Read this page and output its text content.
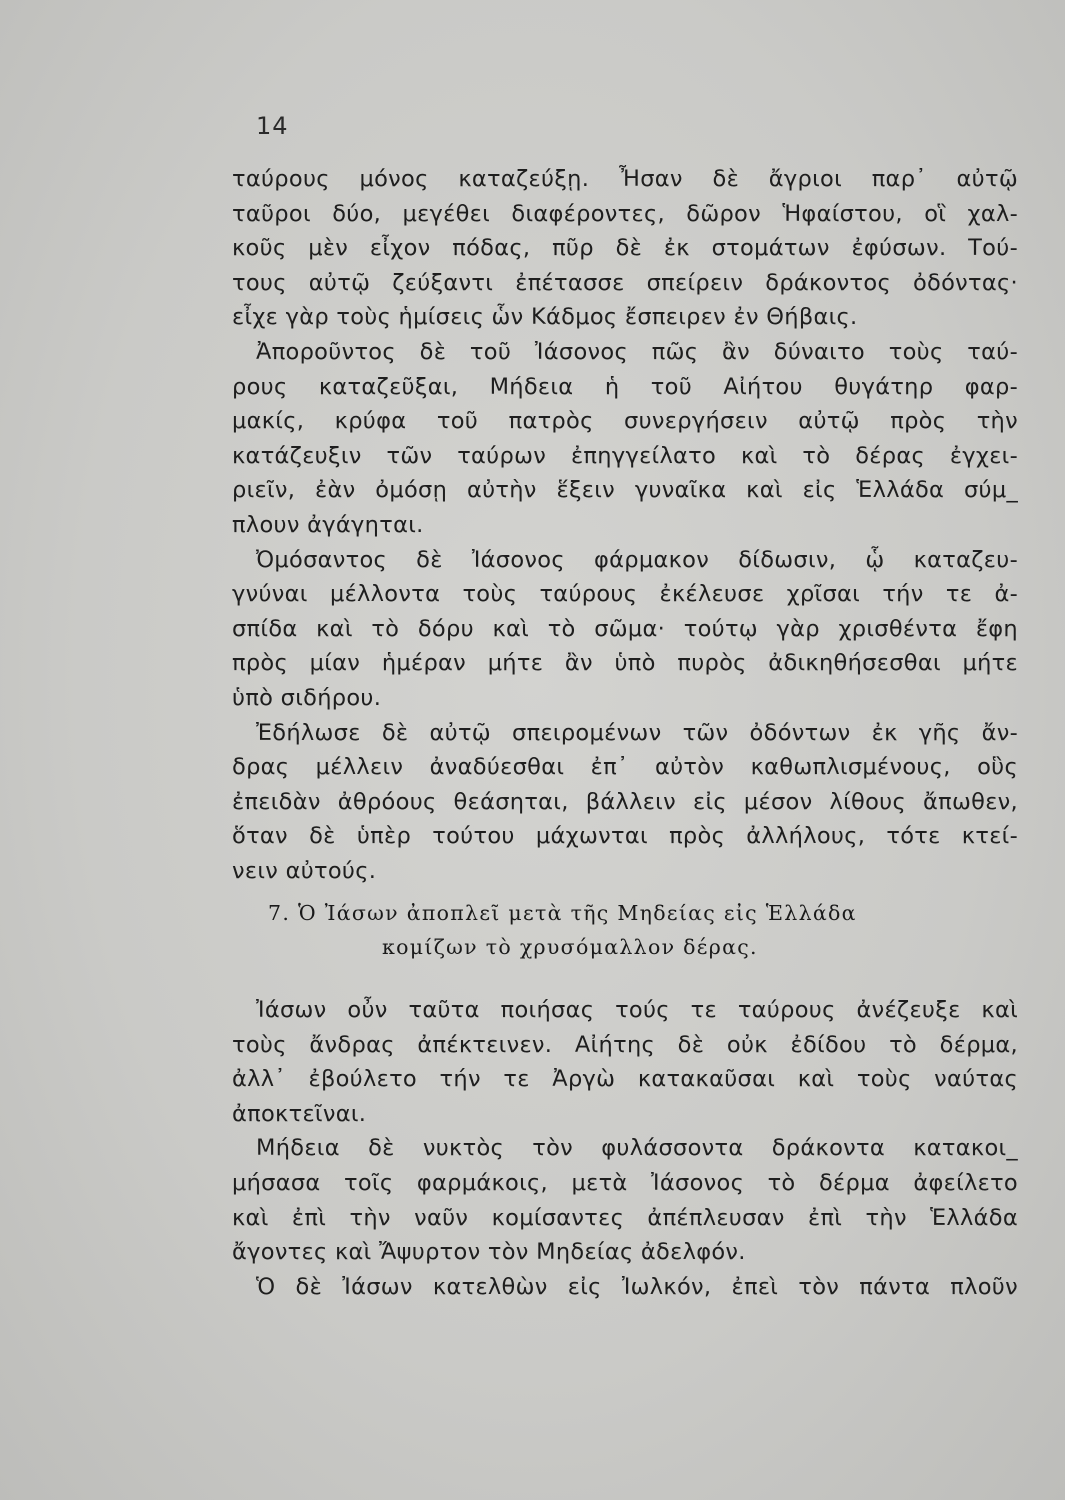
14
ταύρους μόνος καταζεύξῃ. Ἦσαν δὲ ἄγριοι παρ᾿ αὐτῷ
ταῦροι δύο, μεγέθει διαφέροντες, δῶρον Ἡφαίστου, οἳ χαλ-
κοῦς μὲν εἶχον πόδας, πῦρ δὲ ἐκ στομάτων ἐφύσων. Τού-
τους αὐτῷ ζεύξαντι ἐπέτασσε σπείρειν δράκοντος ὀδόντας·
εἶχε γὰρ τοὺς ἡμίσεις ὧν Κάδμος ἔσπειρεν ἐν Θήβαις.
Ἀποροῦντος δὲ τοῦ Ἰάσονος πῶς ἂν δύναιτο τοὺς ταύ-
ρους καταζεῦξαι, Μήδεια ἡ τοῦ Αἰήτου θυγάτηρ φαρ-
μακίς, κρύφα τοῦ πατρὸς συνεργήσειν αὐτῷ πρὸς τὴν
κατάζευξιν τῶν ταύρων ἐπηγγείλατο καὶ τὸ δέρας ἐγχει-
ριεῖν, ἐὰν ὀμόσῃ αὐτὴν ἕξειν γυναῖκα καὶ εἰς Ἑλλάδα σύμ_
πλουν ἀγάγηται.
Ὀμόσαντος δὲ Ἰάσονος φάρμακον δίδωσιν, ᾧ καταζευ-
γνύναι μέλλοντα τοὺς ταύρους ἐκέλευσε χρῖσαι τήν τε ἀ-
σπίδα καὶ τὸ δόρυ καὶ τὸ σῶμα· τούτῳ γὰρ χρισθέντα ἔφη
πρὸς μίαν ἡμέραν μήτε ἂν ὑπὸ πυρὸς ἀδικηθήσεσθαι μήτε
ὑπὸ σιδήρου.
Ἐδήλωσε δὲ αὐτῷ σπειρομένων τῶν ὀδόντων ἐκ γῆς ἄν-
δρας μέλλειν ἀναδύεσθαι ἐπ᾿ αὐτὸν καθωπλισμένους, οὓς
ἐπειδὰν ἀθρόους θεάσηται, βάλλειν εἰς μέσον λίθους ἄπωθεν,
ὅταν δὲ ὑπὲρ τούτου μάχωνται πρὸς ἀλλήλους, τότε κτεί-
νειν αὐτούς.
7. Ὁ Ἰάσων ἀποπλεῖ μετὰ τῆς Μηδείας εἰς Ἑλλάδα
κομίζων τὸ χρυσόμαλλον δέρας.
Ἰάσων οὖν ταῦτα ποιήσας τούς τε ταύρους ἀνέζευξε καὶ
τοὺς ἄνδρας ἀπέκτεινεν. Αἰήτης δὲ οὐκ ἐδίδου τὸ δέρμα,
ἀλλ᾿ ἐβούλετο τήν τε Ἀργὼ κατακαῦσαι καὶ τοὺς ναύτας
ἀποκτεῖναι.
Μήδεια δὲ νυκτὸς τὸν φυλάσσοντα δράκοντα κατακοι_
μήσασα τοῖς φαρμάκοις, μετὰ Ἰάσονος τὸ δέρμα ἀφείλετο
καὶ ἐπὶ τὴν ναῦν κομίσαντες ἀπέπλευσαν ἐπὶ τὴν Ἑλλάδα
ἄγοντες καὶ Ἄψυρτον τὸν Μηδείας ἀδελφόν.
Ὁ δὲ Ἰάσων κατελθὼν εἰς Ἰωλκόν, ἐπεὶ τὸν πάντα πλοῦν
